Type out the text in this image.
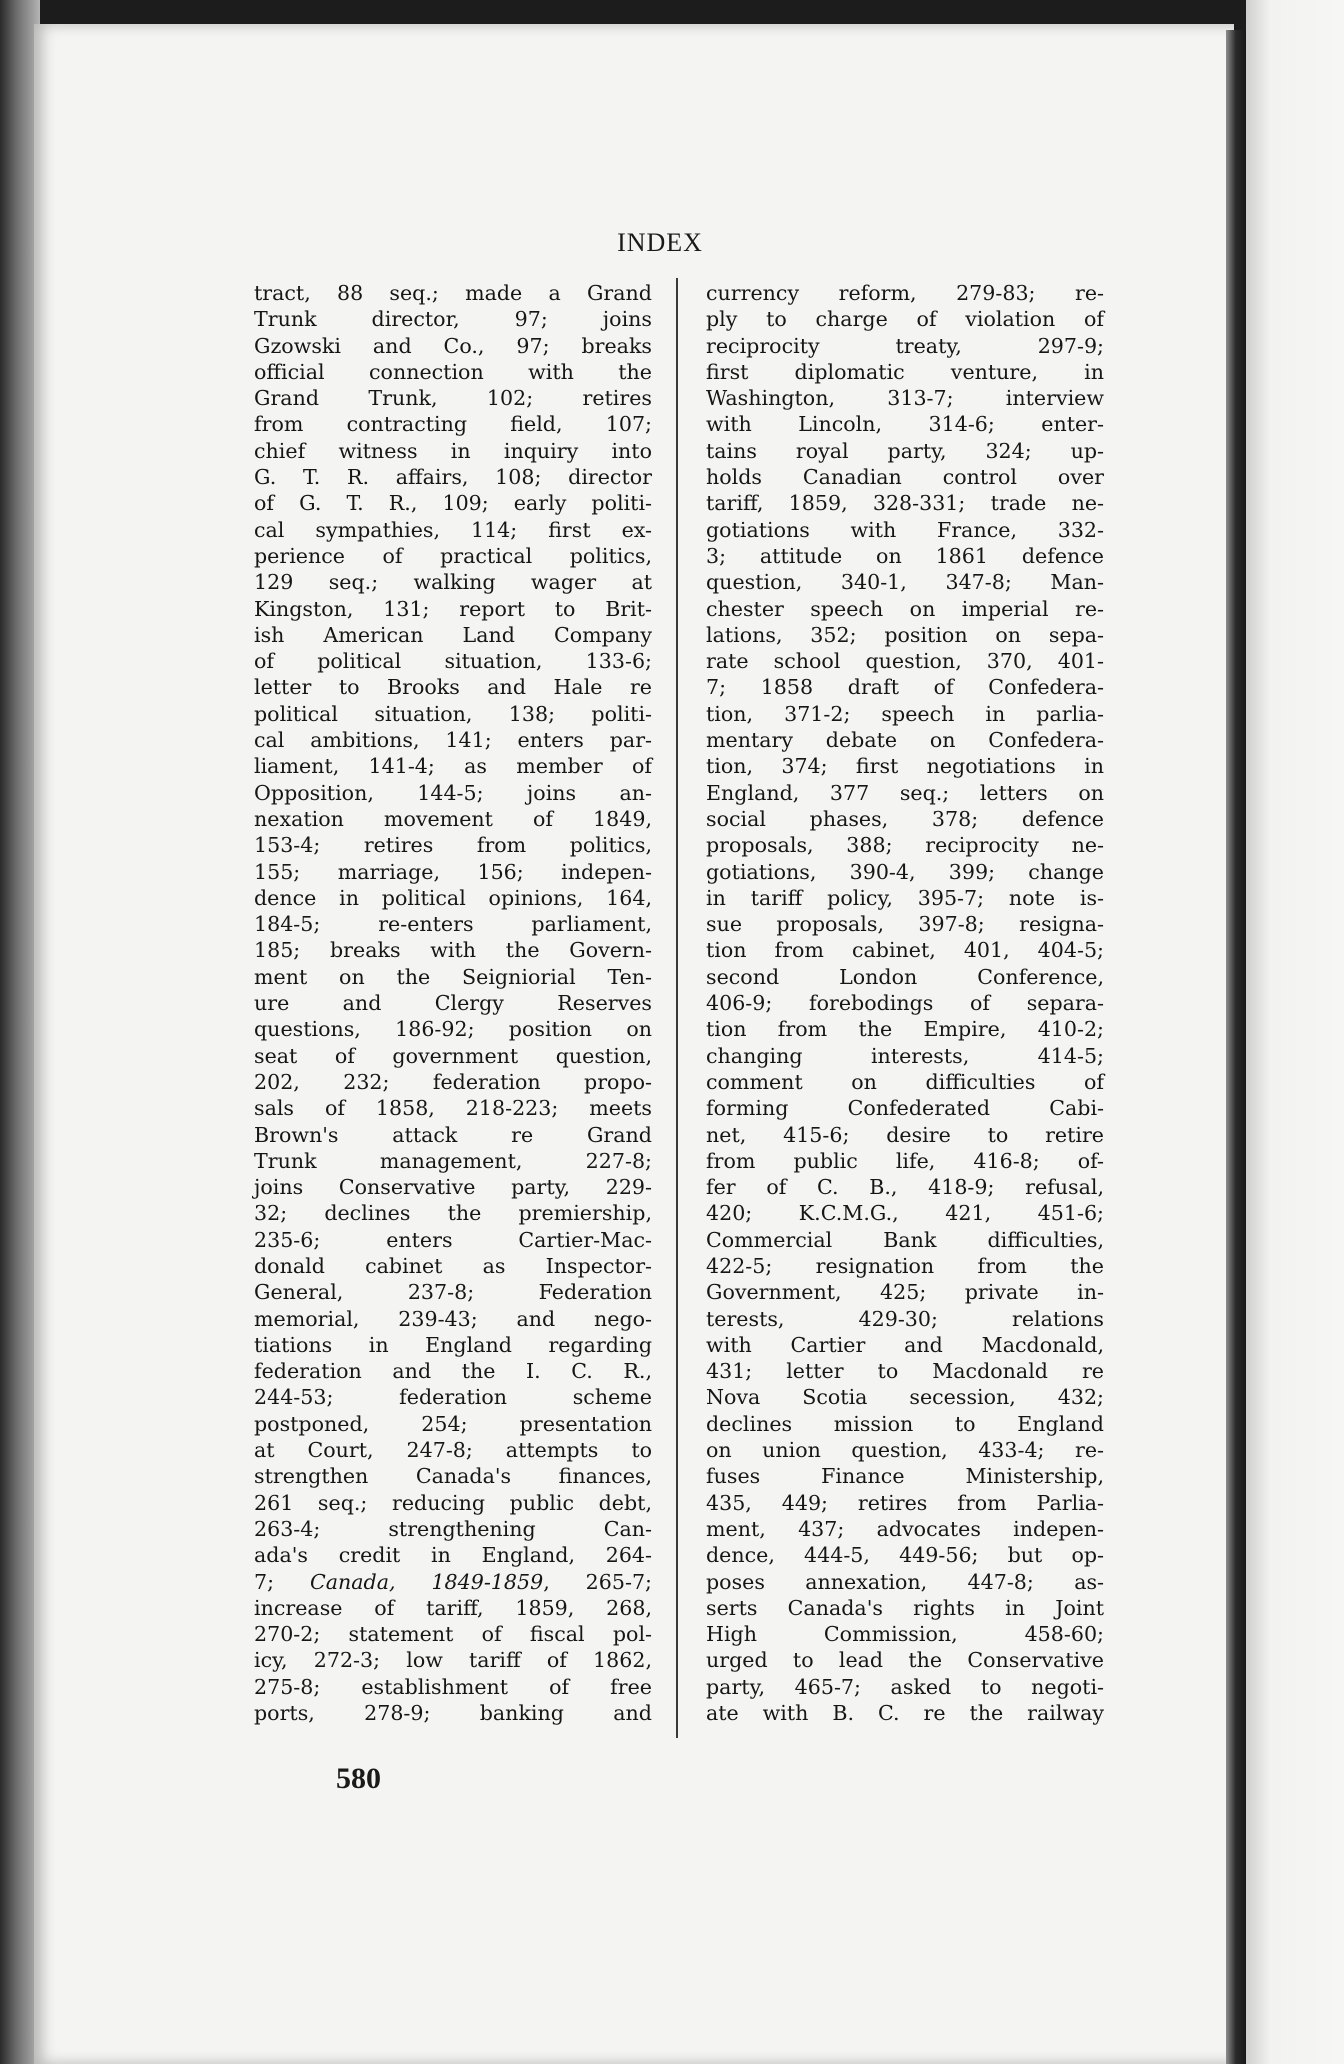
INDEX
tract, 88 seq.; made a Grand
Trunk director, 97; joins
Gzowski and Co., 97; breaks
official connection with the
Grand Trunk, 102; retires
from contracting field, 107;
chief witness in inquiry into
G. T. R. affairs, 108; director
of G. T. R., 109; early politi-
cal sympathies, 114; first ex-
perience of practical politics,
129 seq.; walking wager at
Kingston, 131; report to Brit-
ish American Land Company
of political situation, 133-6;
letter to Brooks and Hale re
political situation, 138; politi-
cal ambitions, 141; enters par-
liament, 141-4; as member of
Opposition, 144-5; joins an-
nexation movement of 1849,
153-4; retires from politics,
155; marriage, 156; indepen-
dence in political opinions, 164,
184-5; re-enters parliament,
185; breaks with the Govern-
ment on the Seigniorial Ten-
ure and Clergy Reserves
questions, 186-92; position on
seat of government question,
202, 232; federation propo-
sals of 1858, 218-223; meets
Brown's attack re Grand
Trunk management, 227-8;
joins Conservative party, 229-
32; declines the premiership,
235-6; enters Cartier-Mac-
donald cabinet as Inspector-
General, 237-8; Federation
memorial, 239-43; and nego-
tiations in England regarding
federation and the I. C. R.,
244-53; federation scheme
postponed, 254; presentation
at Court, 247-8; attempts to
strengthen Canada's finances,
261 seq.; reducing public debt,
263-4; strengthening Can-
ada's credit in England, 264-
7; Canada, 1849-1859, 265-7;
increase of tariff, 1859, 268,
270-2; statement of fiscal pol-
icy, 272-3; low tariff of 1862,
275-8; establishment of free
ports, 278-9; banking and
currency reform, 279-83; re-
ply to charge of violation of
reciprocity treaty, 297-9;
first diplomatic venture, in
Washington, 313-7; interview
with Lincoln, 314-6; enter-
tains royal party, 324; up-
holds Canadian control over
tariff, 1859, 328-331; trade ne-
gotiations with France, 332-
3; attitude on 1861 defence
question, 340-1, 347-8; Man-
chester speech on imperial re-
lations, 352; position on sepa-
rate school question, 370, 401-
7; 1858 draft of Confedera-
tion, 371-2; speech in parlia-
mentary debate on Confedera-
tion, 374; first negotiations in
England, 377 seq.; letters on
social phases, 378; defence
proposals, 388; reciprocity ne-
gotiations, 390-4, 399; change
in tariff policy, 395-7; note is-
sue proposals, 397-8; resigna-
tion from cabinet, 401, 404-5;
second London Conference,
406-9; forebodings of separa-
tion from the Empire, 410-2;
changing interests, 414-5;
comment on difficulties of
forming Confederated Cabi-
net, 415-6; desire to retire
from public life, 416-8; of-
fer of C. B., 418-9; refusal,
420; K.C.M.G., 421, 451-6;
Commercial Bank difficulties,
422-5; resignation from the
Government, 425; private in-
terests, 429-30; relations
with Cartier and Macdonald,
431; letter to Macdonald re
Nova Scotia secession, 432;
declines mission to England
on union question, 433-4; re-
fuses Finance Ministership,
435, 449; retires from Parlia-
ment, 437; advocates indepen-
dence, 444-5, 449-56; but op-
poses annexation, 447-8; as-
serts Canada's rights in Joint
High Commission, 458-60;
urged to lead the Conservative
party, 465-7; asked to negoti-
ate with B. C. re the railway
580
